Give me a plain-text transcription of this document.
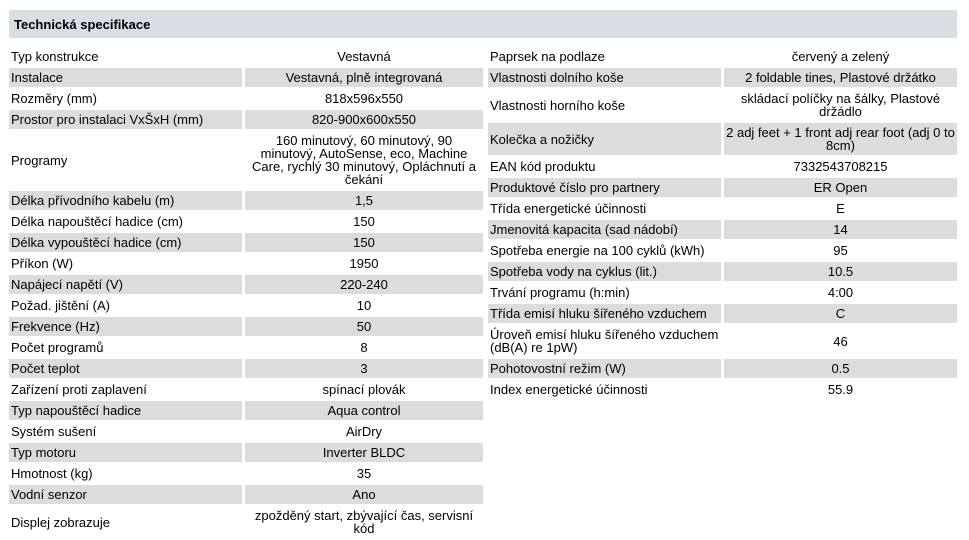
Technická specifikace
Typ konstrukce	Vestavná
Instalace	Vestavná, plně integrovaná
Rozměry (mm)	818x596x550
Prostor pro instalaci VxŠxH (mm)	820-900x600x550
Programy	160 minutový, 60 minutový, 90 minutový, AutoSense, eco, Machine Care, rychlý 30 minutový, Opláchnutí a čekání
Délka přívodního kabelu (m)	1,5
Délka napouštěcí hadice (cm)	150
Délka vypouštěcí hadice (cm)	150
Příkon (W)	1950
Napájecí napětí (V)	220-240
Požad. jištění (A)	10
Frekvence (Hz)	50
Počet programů	8
Počet teplot	3
Zařízení proti zaplavení	spínací plovák
Typ napouštěcí hadice	Aqua control
Systém sušení	AirDry
Typ motoru	Inverter BLDC
Hmotnost (kg)	35
Vodní senzor	Ano
Displej zobrazuje	zpožděný start, zbývající čas, servisní kód
Paprsek na podlaze	červený a zelený
Vlastnosti dolního koše	2 foldable tines, Plastové držátko
Vlastnosti horního koše	skládací políčky na šálky, Plastové držádlo
Kolečka a nožičky	2 adj feet + 1 front adj rear foot (adj 0 to 8cm)
EAN kód produktu	7332543708215
Produktové číslo pro partnery	ER Open
Třída energetické účinnosti	E
Jmenovitá kapacita (sad nádobí)	14
Spotřeba energie na 100 cyklů (kWh)	95
Spotřeba vody na cyklus (lit.)	10.5
Trvání programu (h:min)	4:00
Třída emisí hluku šířeného vzduchem	C
Úroveň emisí hluku šířeného vzduchem (dB(A) re 1pW)	46
Pohotovostní režim (W)	0.5
Index energetické účinnosti	55.9
